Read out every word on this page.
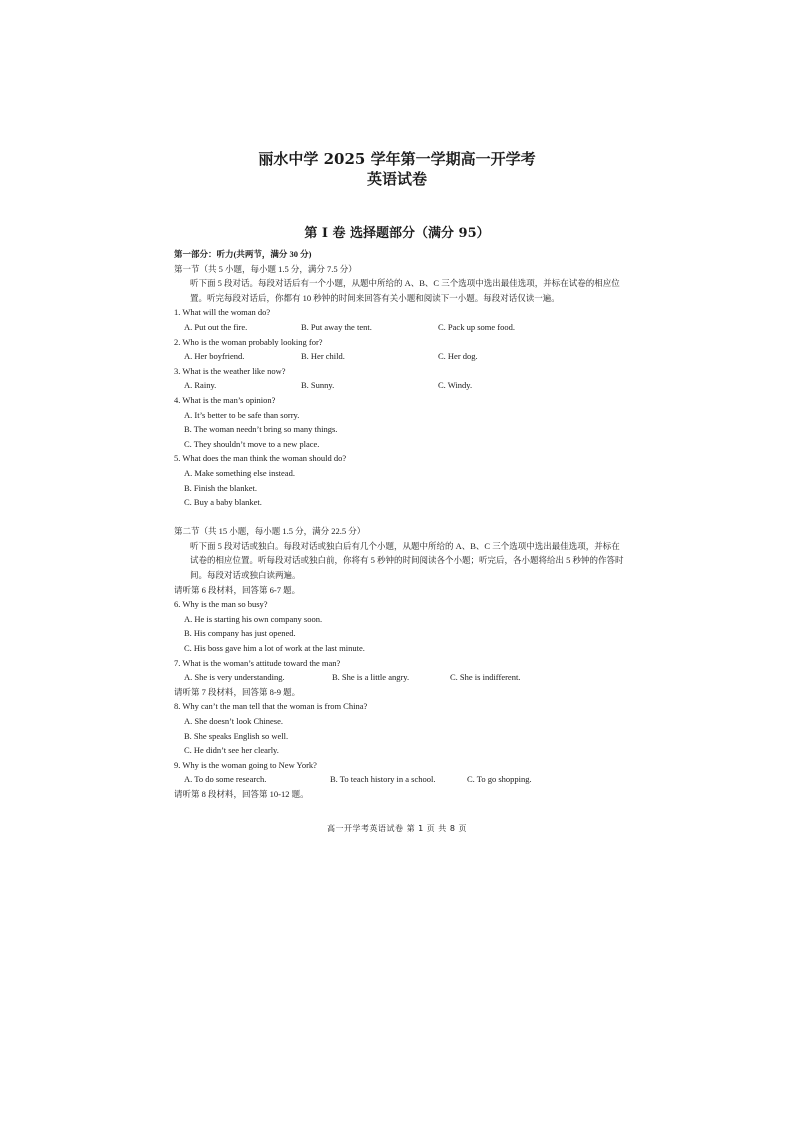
丽水中学 2025 学年第一学期高一开学考
英语试卷
第 I 卷 选择题部分（满分 95）
第一部分：听力(共两节，满分 30 分)
第一节（共 5 小题，每小题 1.5 分，满分 7.5 分）
听下面 5 段对话。每段对话后有一个小题，从题中所给的 A、B、C 三个选项中选出最佳选项，并标在试卷的相应位置。听完每段对话后，你都有 10 秒钟的时间来回答有关小题和阅读下一小题。每段对话仅读一遍。
1. What will the woman do?
A. Put out the fire.	B. Put away the tent.	C. Pack up some food.
2. Who is the woman probably looking for?
A. Her boyfriend.	B. Her child.	C. Her dog.
3. What is the weather like now?
A. Rainy.	B. Sunny.	C. Windy.
4. What is the man’s opinion?
A. It’s better to be safe than sorry.
B. The woman needn’t bring so many things.
C. They shouldn’t move to a new place.
5. What does the man think the woman should do?
A. Make something else instead.
B. Finish the blanket.
C. Buy a baby blanket.
第二节（共 15 小题，每小题 1.5 分，满分 22.5 分）
听下面 5 段对话或独白。每段对话或独白后有几个小题，从题中所给的 A、B、C 三个选项中选出最佳选项，并标在试卷的相应位置。听每段对话或独白前，你将有 5 秒钟的时间阅读各个小题；听完后，各小题将给出 5 秒钟的作答时间。每段对话或独白读两遍。
请听第 6 段材料，回答第 6-7 题。
6. Why is the man so busy?
A. He is starting his own company soon.
B. His company has just opened.
C. His boss gave him a lot of work at the last minute.
7. What is the woman’s attitude toward the man?
A. She is very understanding.	B. She is a little angry.	C. She is indifferent.
请听第 7 段材料，回答第 8-9 题。
8. Why can’t the man tell that the woman is from China?
A. She doesn’t look Chinese.
B. She speaks English so well.
C. He didn’t see her clearly.
9. Why is the woman going to New York?
A. To do some research.	B. To teach history in a school.	C. To go shopping.
请听第 8 段材料，回答第 10-12 题。
高一开学考英语试卷 第 1 页 共 8 页
